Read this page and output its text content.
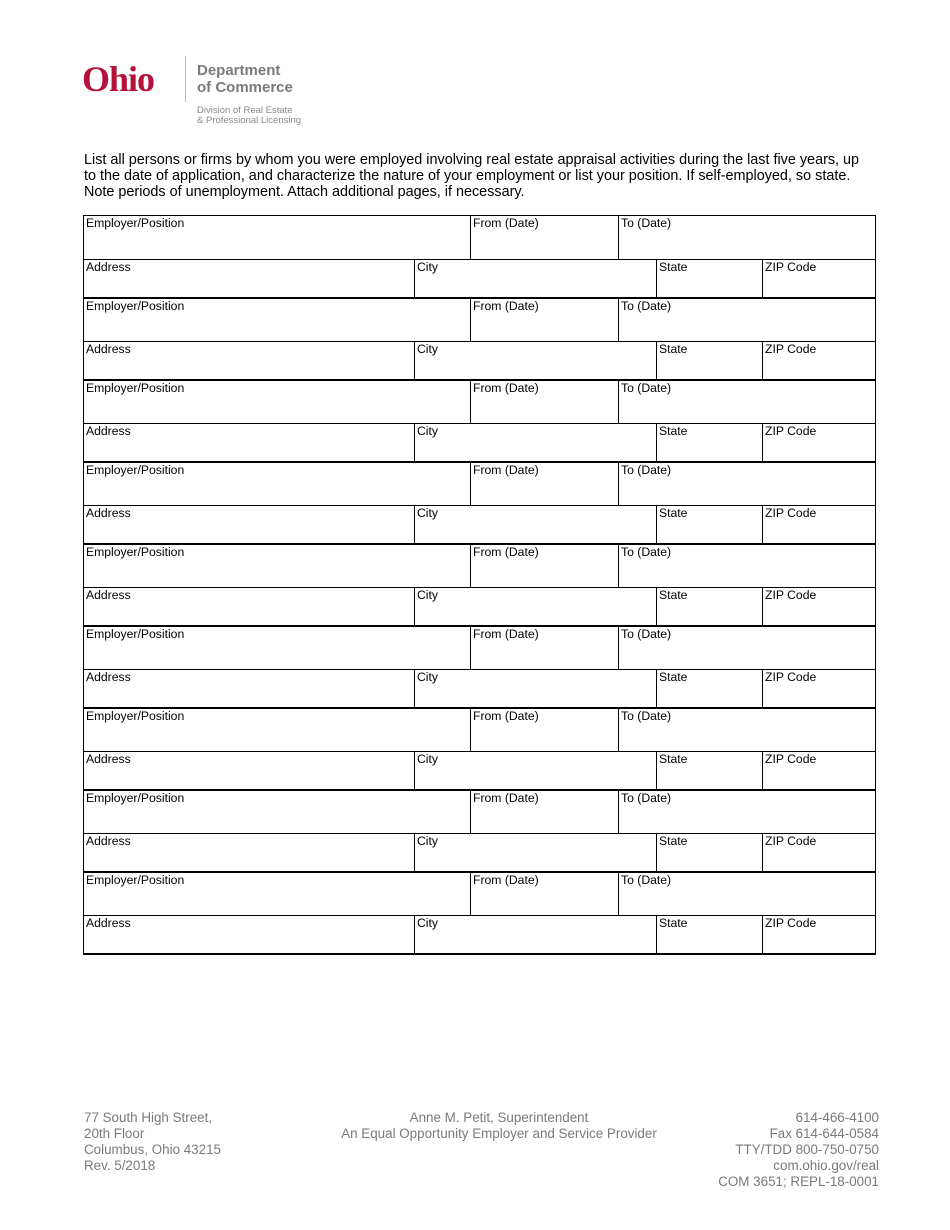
Ohio	Department
of Commerce
Division of Real Estate
& Professional Licensing

List all persons or firms by whom you were employed involving real estate appraisal activities during the last five years, up to the date of application, and characterize the nature of your employment or list your position. If self-employed, so state. Note periods of unemployment. Attach additional pages, if necessary.

Employer/Position	From (Date)	To (Date)
Address	City	State	ZIP Code
Employer/Position	From (Date)	To (Date)
Address	City	State	ZIP Code
Employer/Position	From (Date)	To (Date)
Address	City	State	ZIP Code
Employer/Position	From (Date)	To (Date)
Address	City	State	ZIP Code
Employer/Position	From (Date)	To (Date)
Address	City	State	ZIP Code
Employer/Position	From (Date)	To (Date)
Address	City	State	ZIP Code
Employer/Position	From (Date)	To (Date)
Address	City	State	ZIP Code
Employer/Position	From (Date)	To (Date)
Address	City	State	ZIP Code
Employer/Position	From (Date)	To (Date)
Address	City	State	ZIP Code
77 South High Street,
20th Floor
Columbus, Ohio 43215
Rev. 5/2018
Anne M. Petit, Superintendent
An Equal Opportunity Employer and Service Provider
614-466-4100
Fax 614-644-0584
TTY/TDD 800-750-0750
com.ohio.gov/real
COM 3651; REPL-18-0001
